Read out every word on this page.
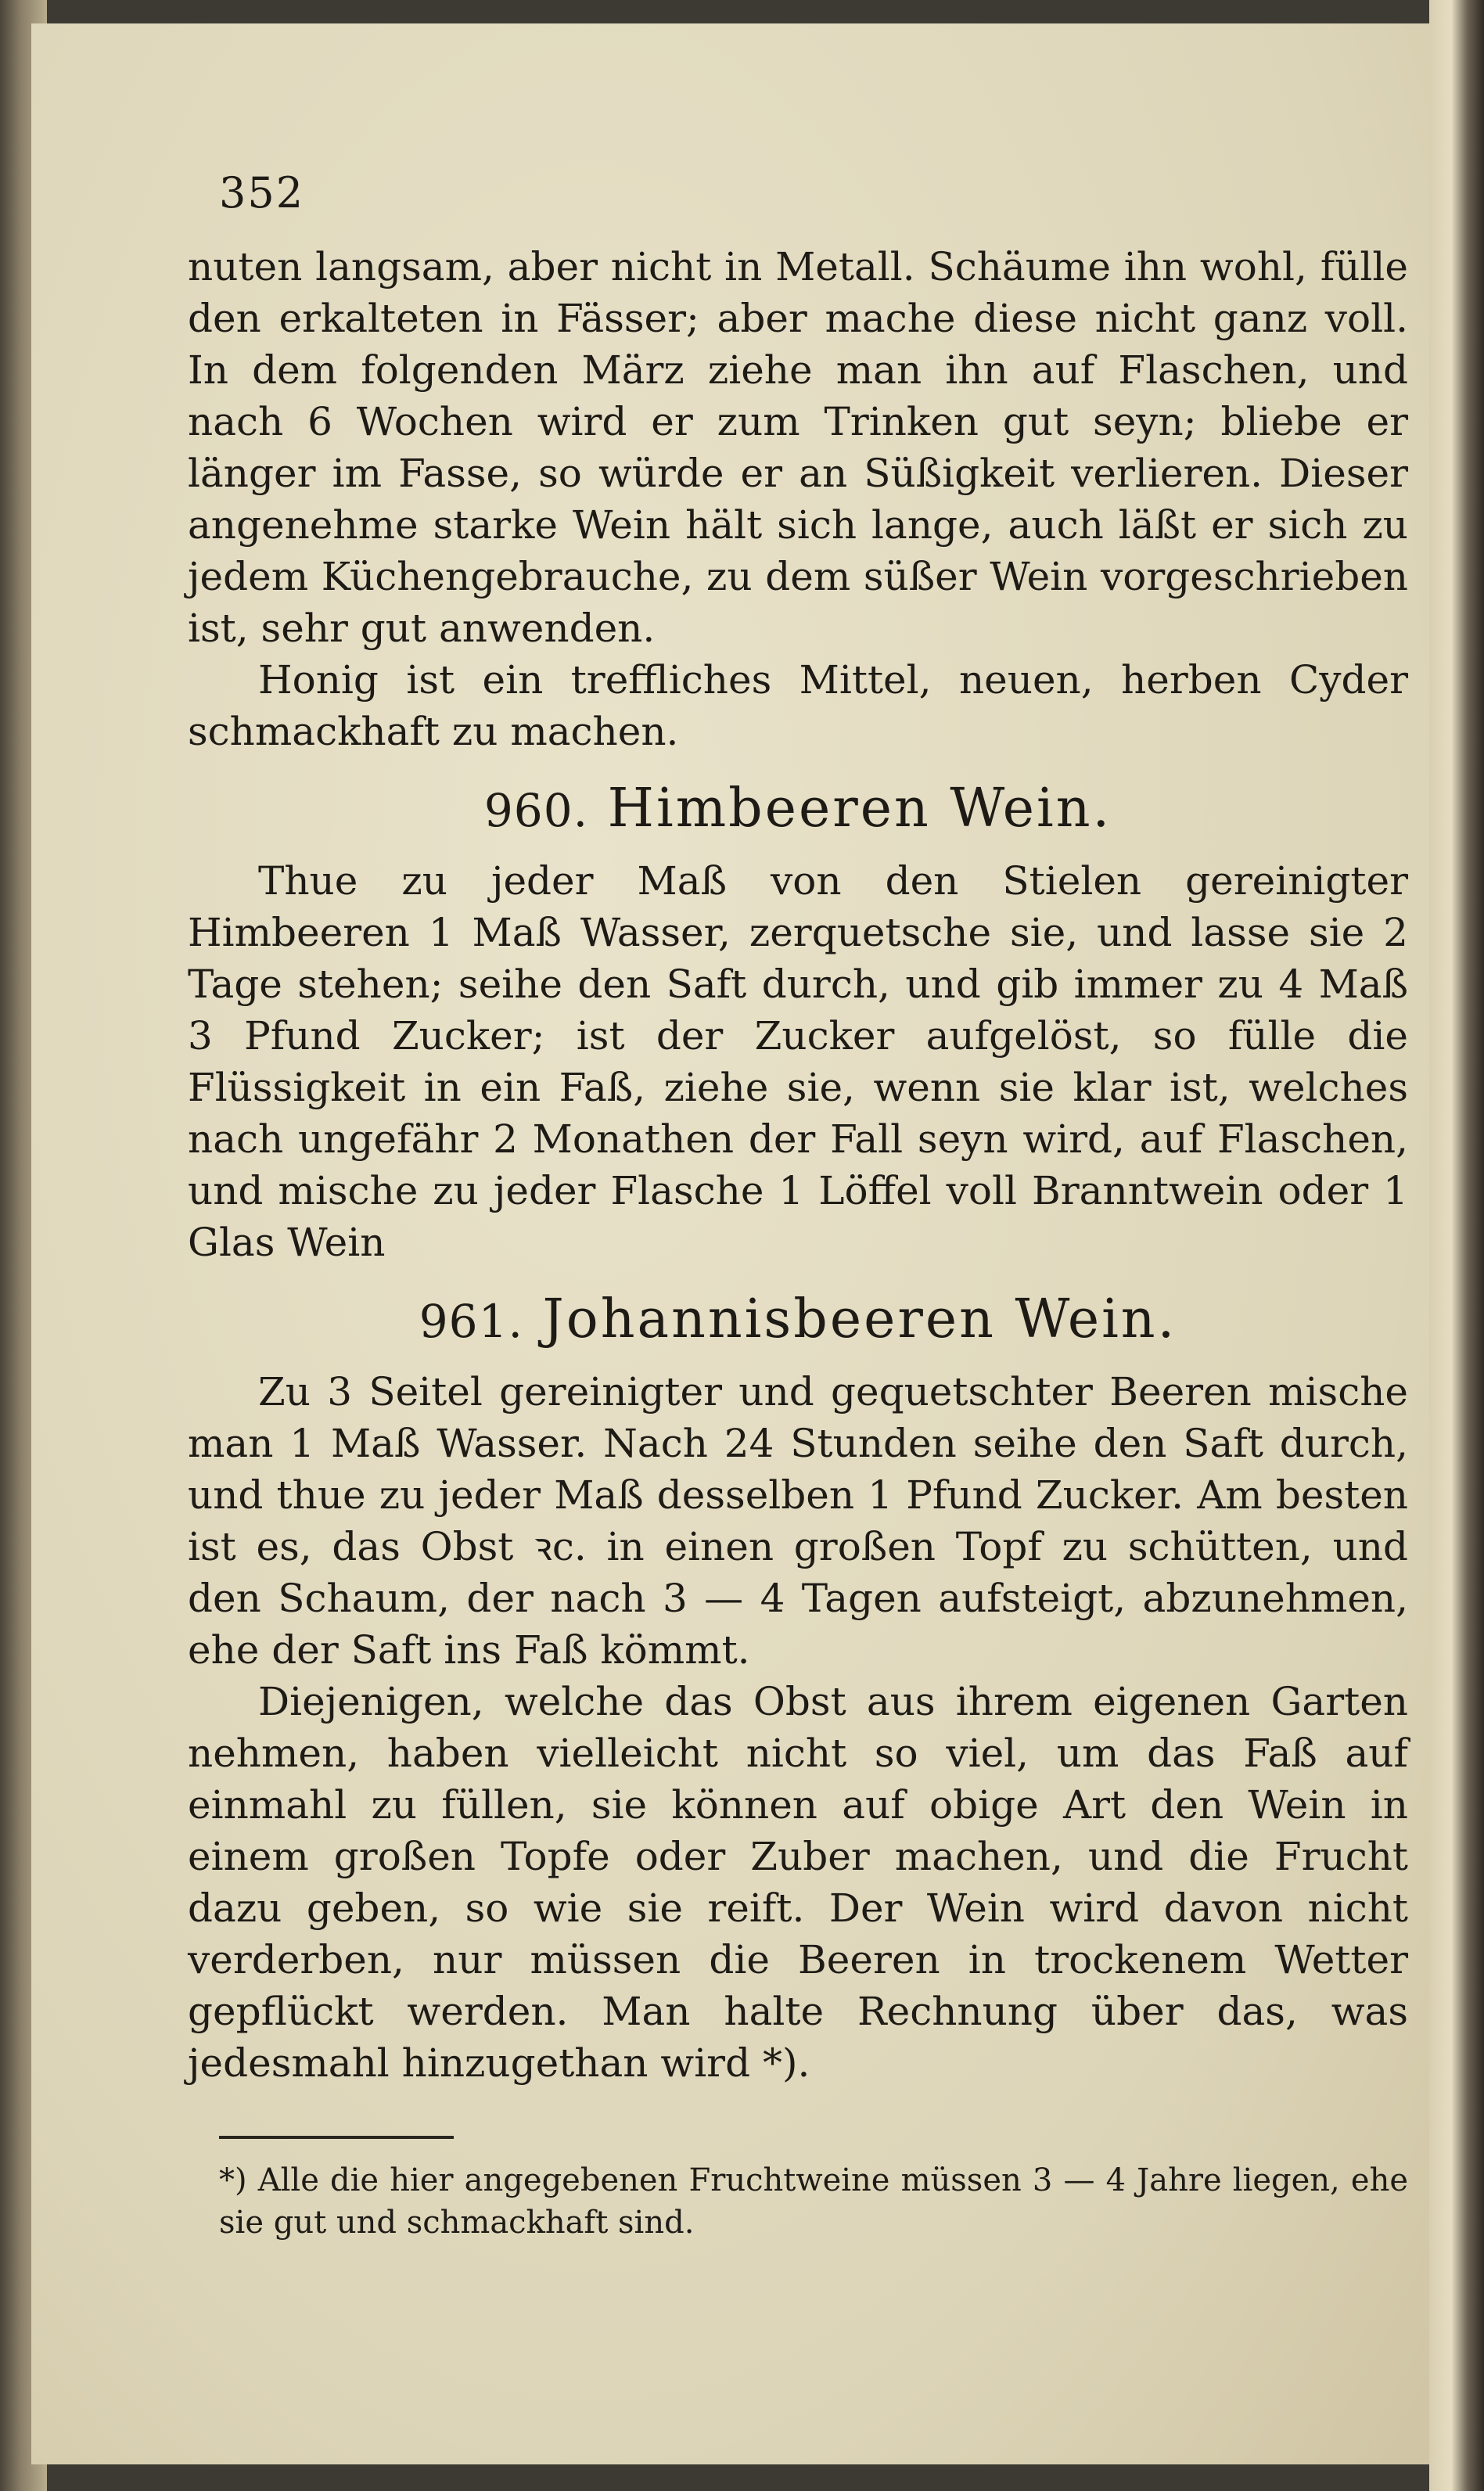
352

nuten langsam, aber nicht in Metall. Schäume ihn wohl, fülle den erkalteten in Fässer; aber mache diese nicht ganz voll. In dem folgenden März ziehe man ihn auf Flaschen, und nach 6 Wochen wird er zum Trinken gut seyn; bliebe er länger im Fasse, so würde er an Süßigkeit verlieren. Dieser angenehme starke Wein hält sich lange, auch läßt er sich zu jedem Küchengebrauche, zu dem süßer Wein vorgeschrieben ist, sehr gut anwenden.

Honig ist ein treffliches Mittel, neuen, herben Cyder schmackhaft zu machen.

960. Himbeeren Wein.

Thue zu jeder Maß von den Stielen gereinigter Himbeeren 1 Maß Wasser, zerquetsche sie, und lasse sie 2 Tage stehen; seihe den Saft durch, und gib immer zu 4 Maß 3 Pfund Zucker; ist der Zucker aufgelöst, so fülle die Flüssigkeit in ein Faß, ziehe sie, wenn sie klar ist, welches nach ungefähr 2 Monathen der Fall seyn wird, auf Flaschen, und mische zu jeder Flasche 1 Löffel voll Branntwein oder 1 Glas Wein

961. Johannisbeeren Wein.

Zu 3 Seitel gereinigter und gequetschter Beeren mische man 1 Maß Wasser. Nach 24 Stunden seihe den Saft durch, und thue zu jeder Maß desselben 1 Pfund Zucker. Am besten ist es, das Obst ꝛc. in einen großen Topf zu schütten, und den Schaum, der nach 3 — 4 Tagen aufsteigt, abzunehmen, ehe der Saft ins Faß kömmt.

Diejenigen, welche das Obst aus ihrem eigenen Garten nehmen, haben vielleicht nicht so viel, um das Faß auf einmahl zu füllen, sie können auf obige Art den Wein in einem großen Topfe oder Zuber machen, und die Frucht dazu geben, so wie sie reift. Der Wein wird davon nicht verderben, nur müssen die Beeren in trockenem Wetter gepflückt werden. Man halte Rechnung über das, was jedesmahl hinzugethan wird *).

*) Alle die hier angegebenen Fruchtweine müssen 3 — 4 Jahre liegen, ehe sie gut und schmackhaft sind.
